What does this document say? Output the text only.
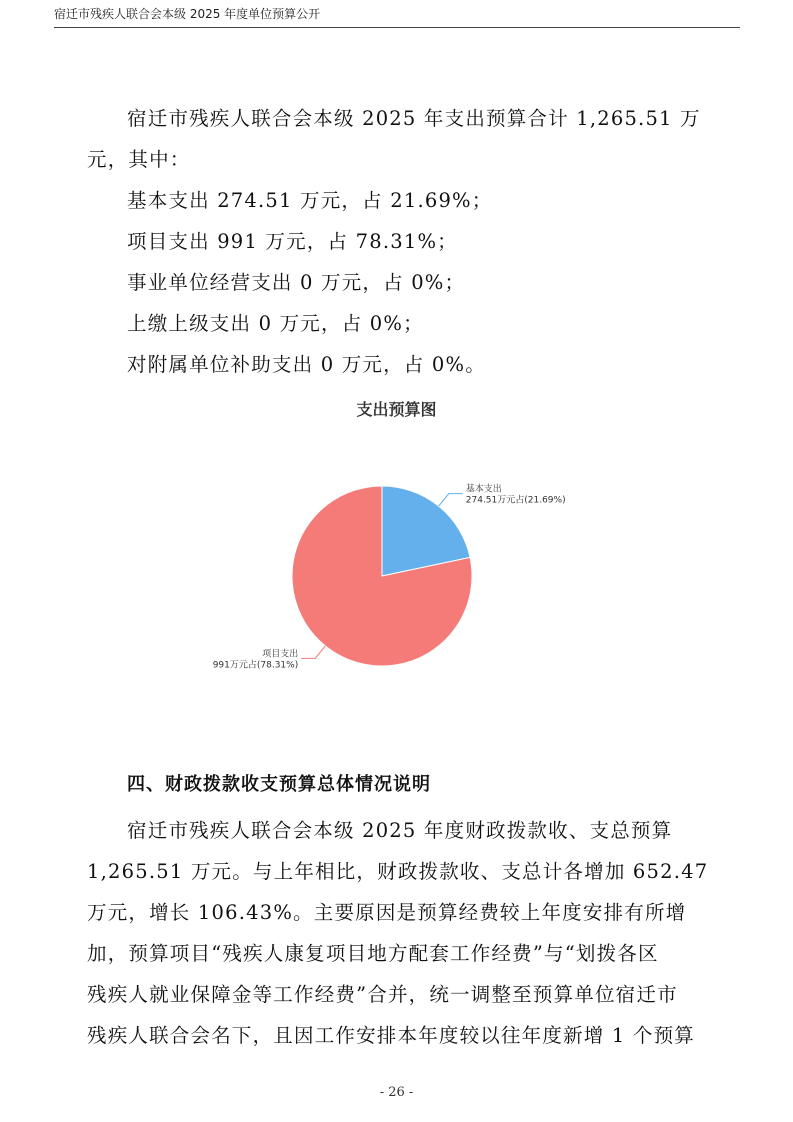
宿迁市残疾人联合会本级 2025 年度单位预算公开
宿迁市残疾人联合会本级 2025 年支出预算合计 1,265.51 万
元，其中：
基本支出 274.51 万元，占 21.69%；
项目支出 991 万元，占 78.31%；
事业单位经营支出 0 万元，占 0%；
上缴上级支出 0 万元，占 0%；
对附属单位补助支出 0 万元，占 0%。
支出预算图
基本支出
274.51万元占(21.69%)
项目支出
991万元占(78.31%)
四、财政拨款收支预算总体情况说明
宿迁市残疾人联合会本级 2025 年度财政拨款收、支总预算
1,265.51 万元。与上年相比，财政拨款收、支总计各增加 652.47
万元，增长 106.43%。主要原因是预算经费较上年度安排有所增
加，预算项目“残疾人康复项目地方配套工作经费”与“划拨各区
残疾人就业保障金等工作经费”合并，统一调整至预算单位宿迁市
残疾人联合会名下，且因工作安排本年度较以往年度新增 1 个预算
- 26 -
